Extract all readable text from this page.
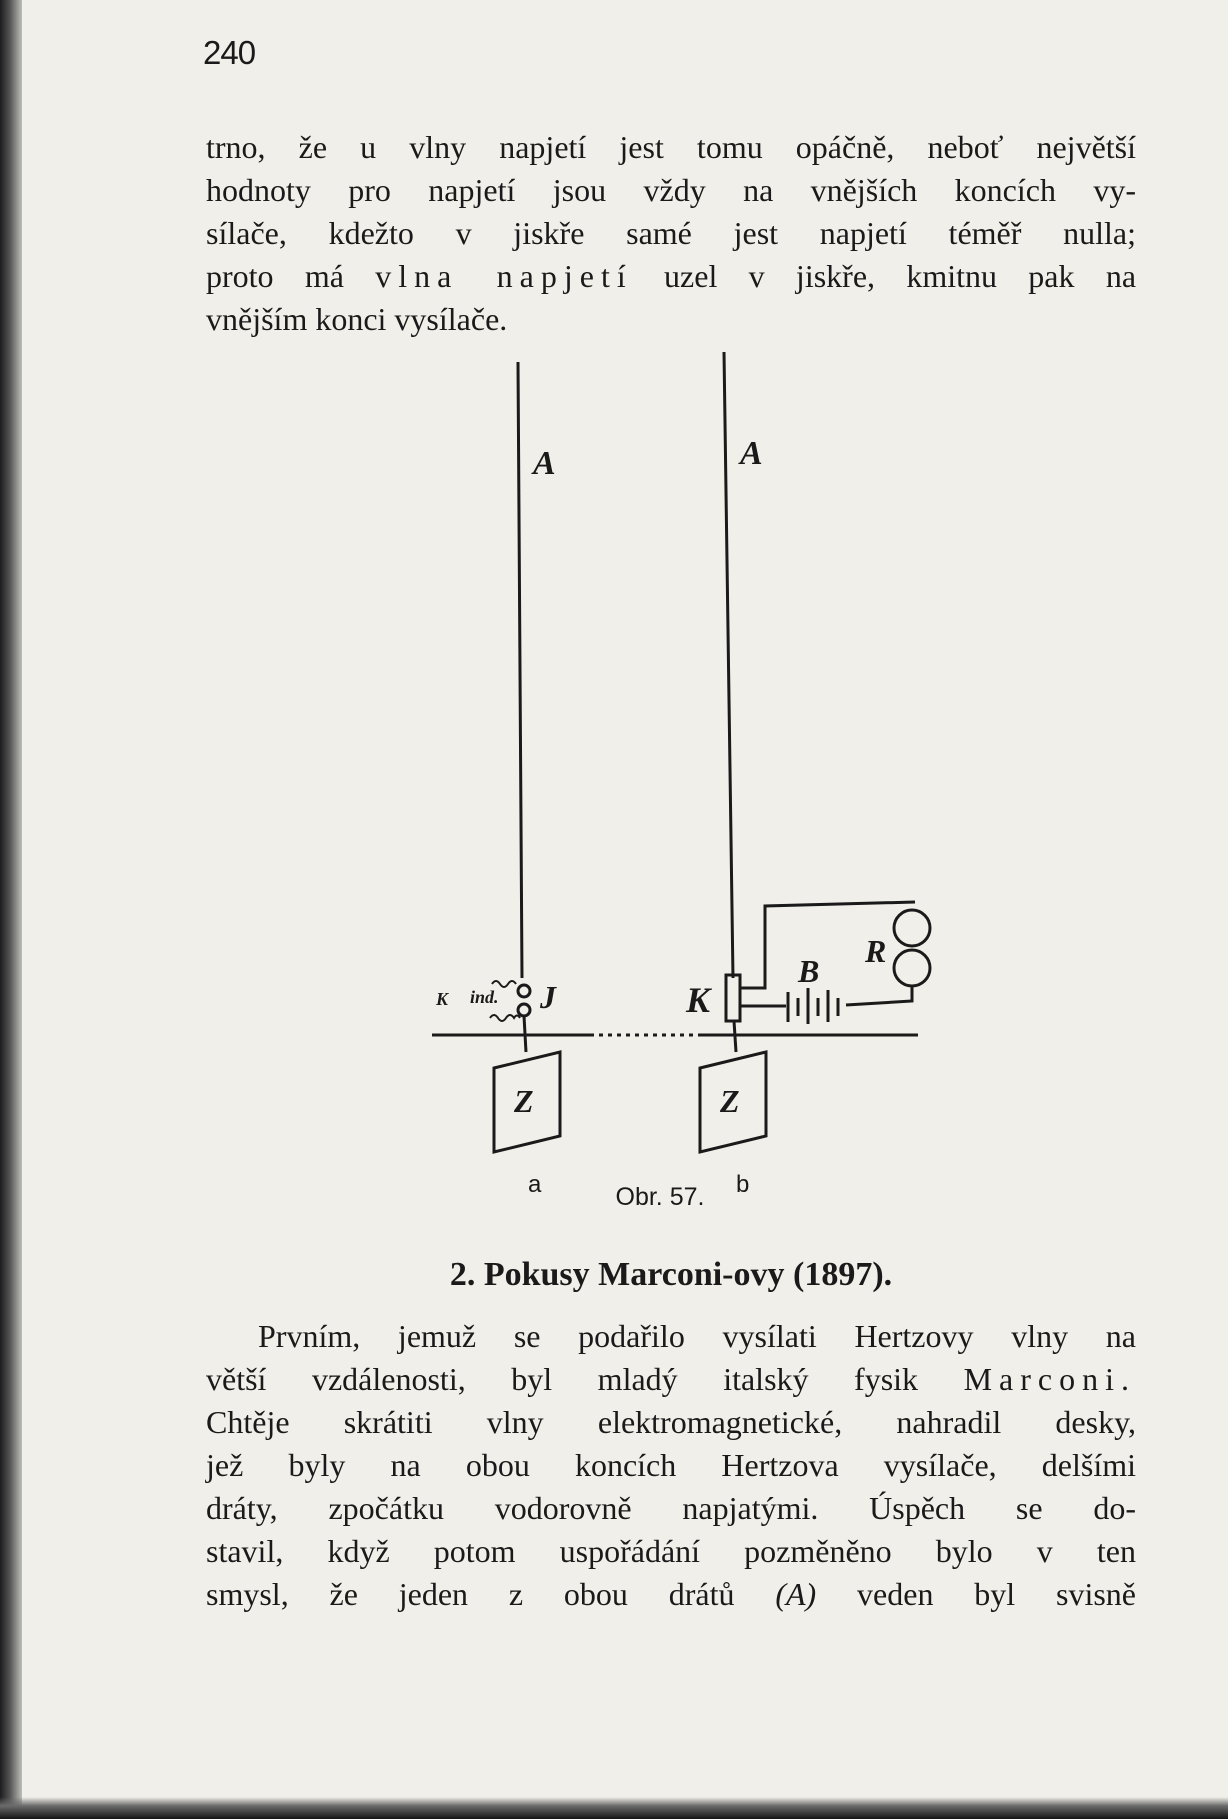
240

trno, že u vlny napjetí jest tomu opáčně, neboť největší
hodnoty pro napjetí jsou vždy na vnějších koncích vy-
sílače, kdežto v jiskře samé jest napjetí téměř nulla;
proto má vlna napjetí uzel v jiskře, kmitnu pak na
vnějším konci vysílače.

A	A
K ind. J	K
B
R
Z	Z
a	b
Obr. 57.
2. Pokusy Marconi-ovy (1897).

Prvním, jemuž se podařilo vysílati Hertzovy vlny na
větší vzdálenosti, byl mladý italský fysik Marconi.
Chtěje skrátiti vlny elektromagnetické, nahradil desky,
jež byly na obou koncích Hertzova vysílače, delšími
dráty, zpočátku vodorovně napjatými. Úspěch se do-
stavil, když potom uspořádání pozměněno bylo v ten
smysl, že jeden z obou drátů (A) veden byl svisně
